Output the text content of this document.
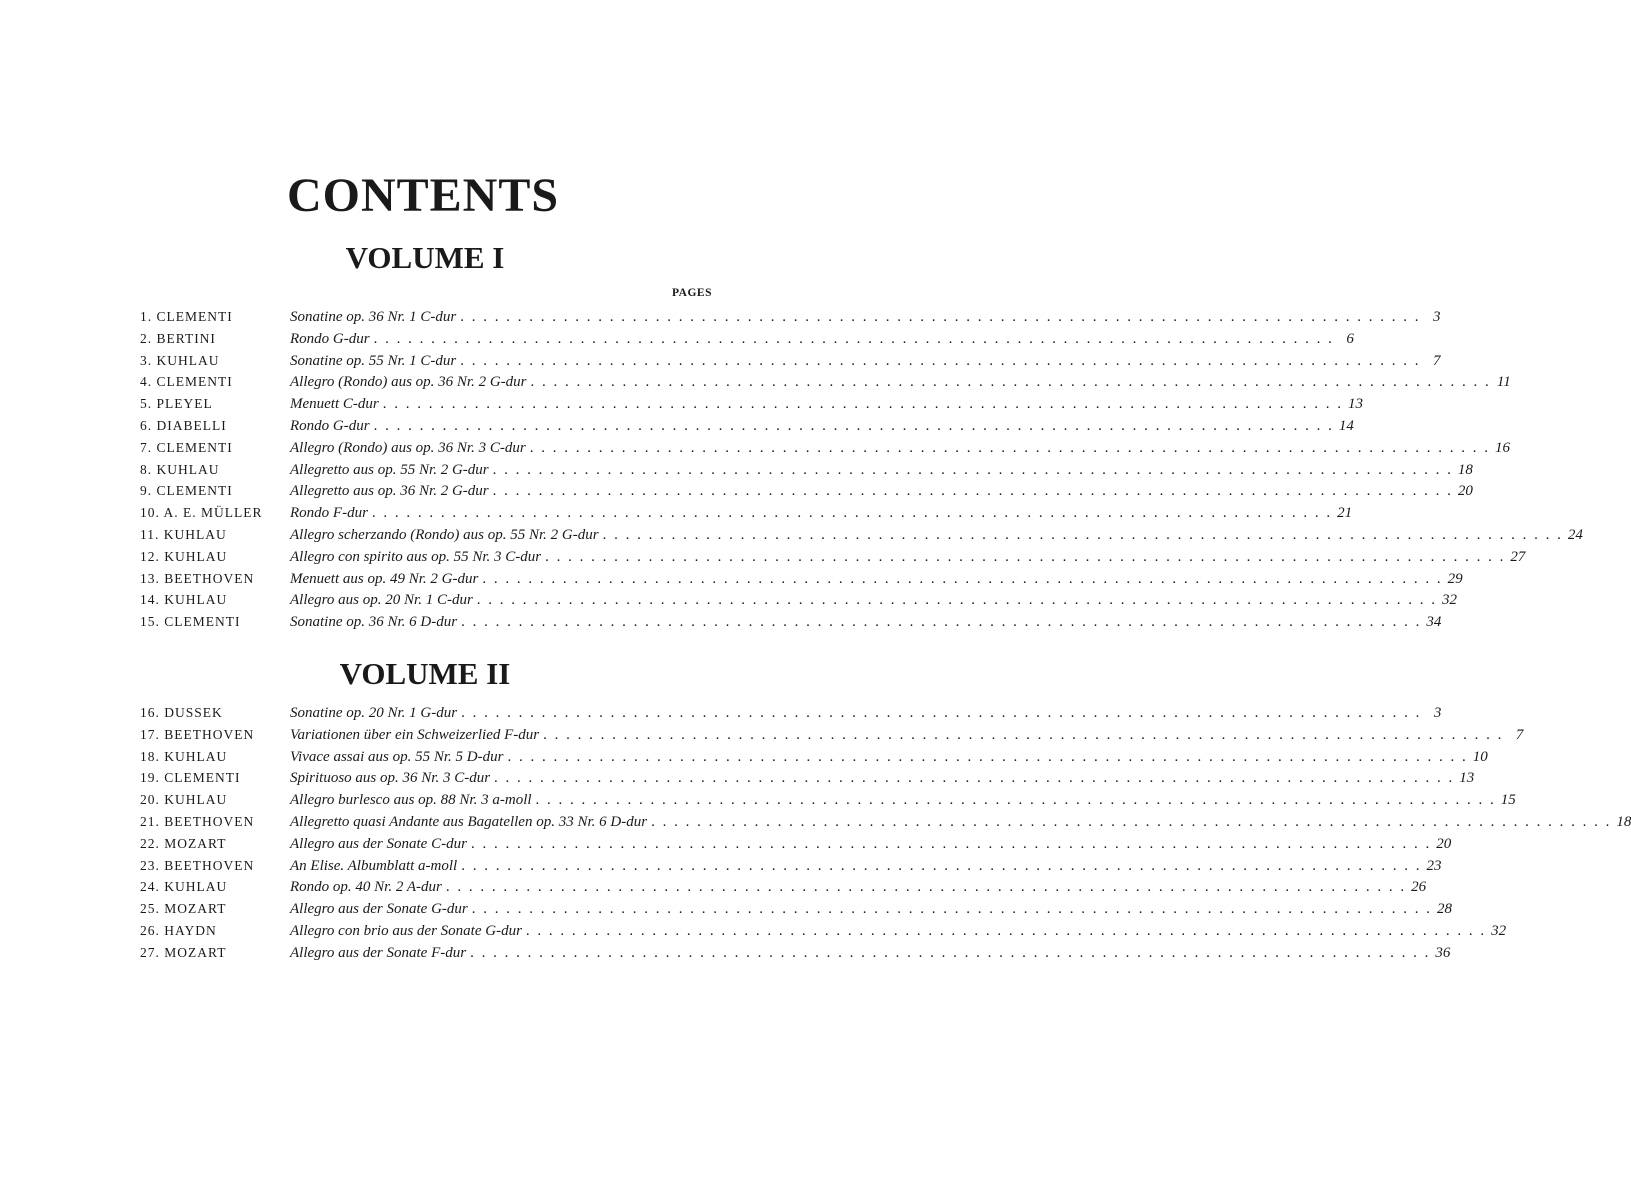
CONTENTS
VOLUME I
PAGES
1. CLEMENTI	Sonatine op. 36 Nr. 1 C-dur . . .	3
2. BERTINI	Rondo G-dur . . .	6
3. KUHLAU	Sonatine op. 55 Nr. 1 C-dur . . .	7
4. CLEMENTI	Allegro (Rondo) aus op. 36 Nr. 2 G-dur . . .	11
5. PLEYEL	Menuett C-dur . . .	13
6. DIABELLI	Rondo G-dur . . .	14
7. CLEMENTI	Allegro (Rondo) aus op. 36 Nr. 3 C-dur . . .	16
8. KUHLAU	Allegretto aus op. 55 Nr. 2 G-dur . . .	18
9. CLEMENTI	Allegretto aus op. 36 Nr. 2 G-dur . . .	20
10. A. E. MÜLLER	Rondo F-dur . . .	21
11. KUHLAU	Allegro scherzando (Rondo) aus op. 55 Nr. 2 G-dur . . .	24
12. KUHLAU	Allegro con spirito aus op. 55 Nr. 3 C-dur . . .	27
13. BEETHOVEN	Menuett aus op. 49 Nr. 2 G-dur . . .	29
14. KUHLAU	Allegro aus op. 20 Nr. 1 C-dur . . .	32
15. CLEMENTI	Sonatine op. 36 Nr. 6 D-dur . . .	34
VOLUME II
16. DUSSEK	Sonatine op. 20 Nr. 1 G-dur . . .	3
17. BEETHOVEN	Variationen über ein Schweizerlied F-dur . . .	7
18. KUHLAU	Vivace assai aus op. 55 Nr. 5 D-dur . . .	10
19. CLEMENTI	Spirituoso aus op. 36 Nr. 3 C-dur . . .	13
20. KUHLAU	Allegro burlesco aus op. 88 Nr. 3 a-moll . . .	15
21. BEETHOVEN	Allegretto quasi Andante aus Bagatellen op. 33 Nr. 6 D-dur . . .	18
22. MOZART	Allegro aus der Sonate C-dur . . .	20
23. BEETHOVEN	An Elise. Albumblatt a-moll . . .	23
24. KUHLAU	Rondo op. 40 Nr. 2 A-dur . . .	26
25. MOZART	Allegro aus der Sonate G-dur . . .	28
26. HAYDN	Allegro con brio aus der Sonate G-dur . . .	32
27. MOZART	Allegro aus der Sonate F-dur . . .	36
